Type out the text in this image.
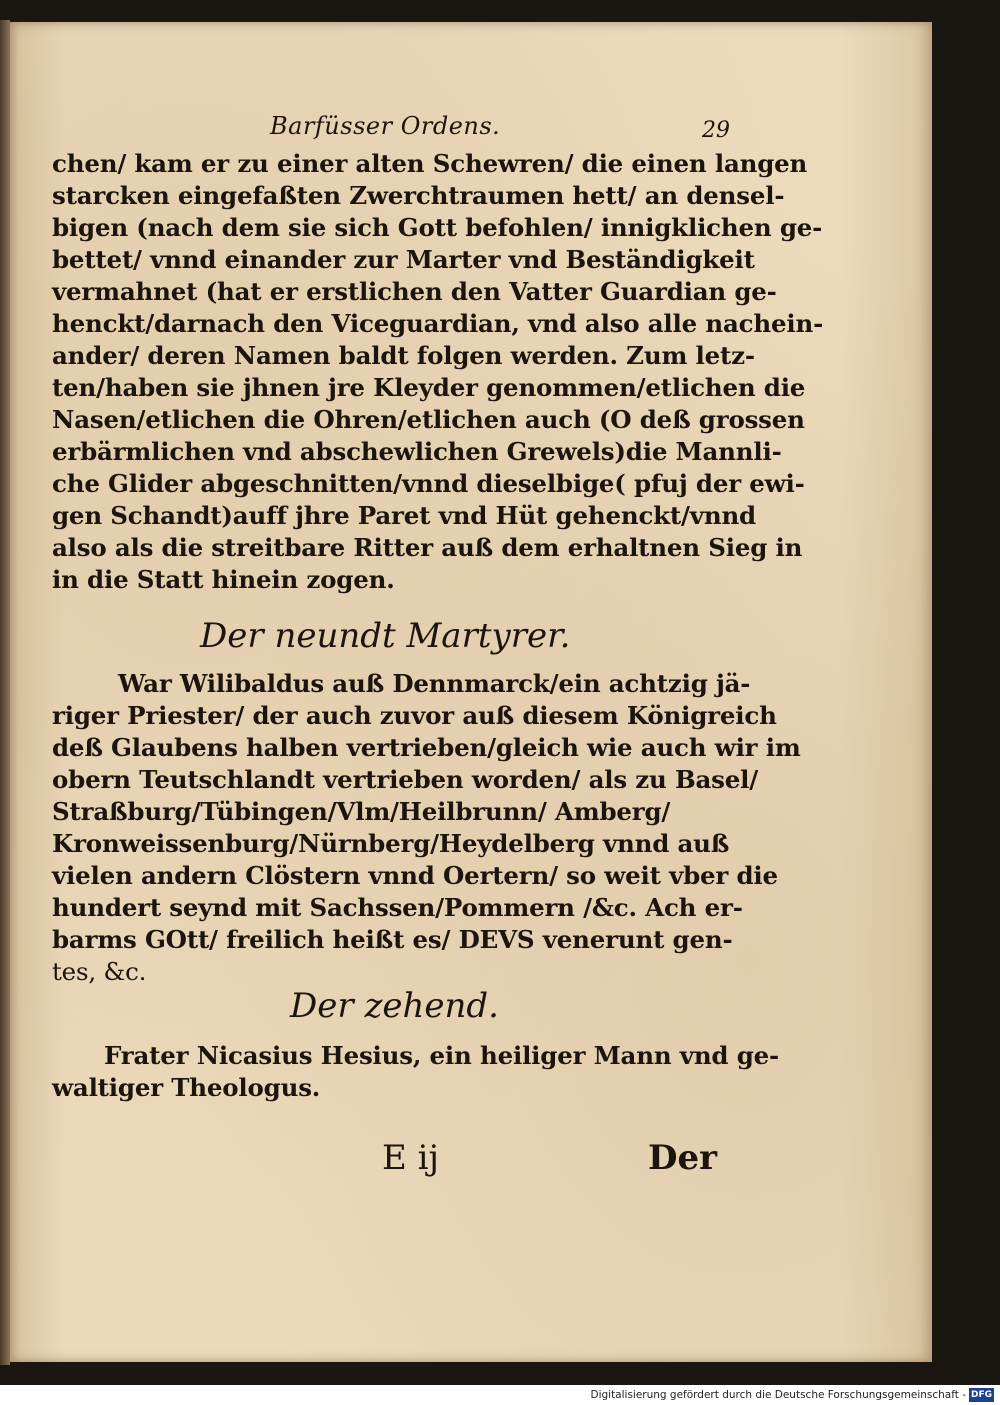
Barfüsser Ordens.	29
chen/ kam er zu einer alten Schewren/ die einen langen
starcken eingefaßten Zwerchtraumen hett/ an densel-
bigen (nach dem sie sich Gott befohlen/ innigklichen ge-
bettet/ vnnd einander zur Marter vnd Beständigkeit
vermahnet (hat er erstlichen den Vatter Guardian ge-
henckt/darnach den Viceguardian, vnd also alle nachein-
ander/ deren Namen baldt folgen werden. Zum letz-
ten/haben sie jhnen jre Kleyder genommen/etlichen die
Nasen/etlichen die Ohren/etlichen auch (O deß grossen
erbärmlichen vnd abschewlichen Grewels)die Mannli-
che Glider abgeschnitten/vnnd dieselbige( pfuj der ewi-
gen Schandt)auff jhre Paret vnd Hüt gehenckt/vnnd
also als die streitbare Ritter auß dem erhaltnen Sieg in
in die Statt hinein zogen.
Der neundt Martyrer.
War Wilibaldus auß Dennmarck/ein achtzig jä-
riger Priester/ der auch zuvor auß diesem Königreich
deß Glaubens halben vertrieben/gleich wie auch wir im
obern Teutschlandt vertrieben worden/ als zu Basel/
Straßburg/Tübingen/Vlm/Heilbrunn/ Amberg/
Kronweissenburg/Nürnberg/Heydelberg vnnd auß
vielen andern Clöstern vnnd Oertern/ so weit vber die
hundert seynd mit Sachssen/Pommern /&c. Ach er-
barms GOtt/ freilich heißt es/ DEVS venerunt gen-
tes, &c.
Der zehend.
Frater Nicasius Hesius, ein heiliger Mann vnd ge-
waltiger Theologus.
E ij	Der
Digitalisierung gefördert durch die Deutsche Forschungsgemeinschaft - DFG
